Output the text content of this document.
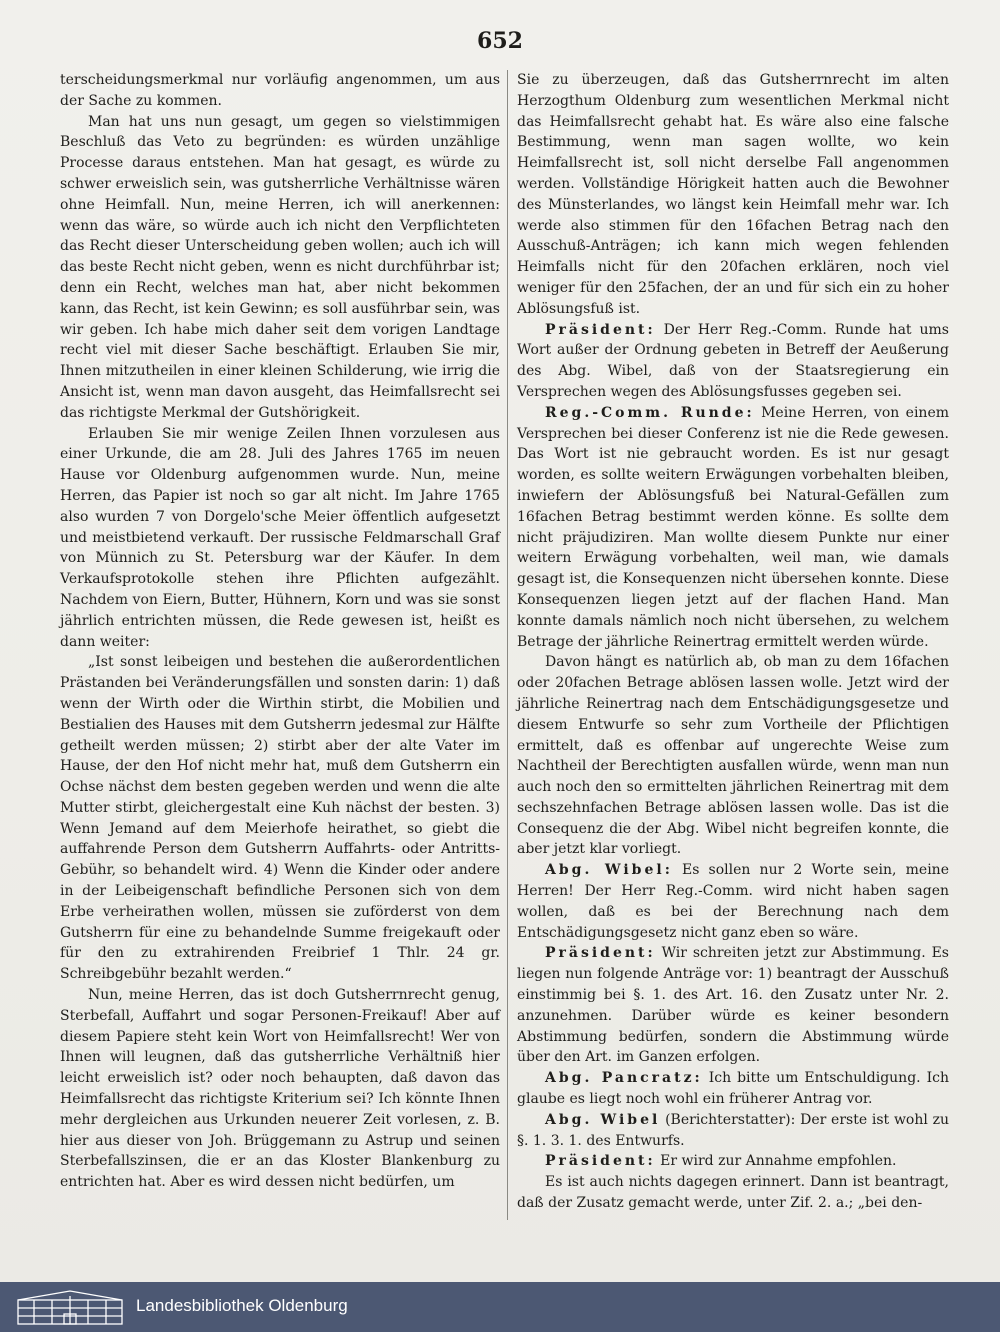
652

terscheidungsmerkmal nur vorläufig angenommen, um aus der Sache zu kommen.

Man hat uns nun gesagt, um gegen so vielstimmigen Beschluß das Veto zu begründen: es würden unzählige Processe daraus entstehen. Man hat gesagt, es würde zu schwer erweislich sein, was gutsherrliche Verhältnisse wären ohne Heimfall. Nun, meine Herren, ich will anerkennen: wenn das wäre, so würde auch ich nicht den Verpflichteten das Recht dieser Unterscheidung geben wollen; auch ich will das beste Recht nicht geben, wenn es nicht durchführbar ist; denn ein Recht, welches man hat, aber nicht bekommen kann, das Recht, ist kein Gewinn; es soll ausführbar sein, was wir geben. Ich habe mich daher seit dem vorigen Landtage recht viel mit dieser Sache beschäftigt. Erlauben Sie mir, Ihnen mitzutheilen in einer kleinen Schilderung, wie irrig die Ansicht ist, wenn man davon ausgeht, das Heimfallsrecht sei das richtigste Merkmal der Gutshörigkeit.

Erlauben Sie mir wenige Zeilen Ihnen vorzulesen aus einer Urkunde, die am 28. Juli des Jahres 1765 im neuen Hause vor Oldenburg aufgenommen wurde. Nun, meine Herren, das Papier ist noch so gar alt nicht. Im Jahre 1765 also wurden 7 von Dorgelo'sche Meier öffentlich aufgesetzt und meistbietend verkauft. Der russische Feldmarschall Graf von Münnich zu St. Petersburg war der Käufer. In dem Verkaufsprotokolle stehen ihre Pflichten aufgezählt. Nachdem von Eiern, Butter, Hühnern, Korn und was sie sonst jährlich entrichten müssen, die Rede gewesen ist, heißt es dann weiter:

„Ist sonst leibeigen und bestehen die außerordentlichen Prästanden bei Veränderungsfällen und sonsten darin: 1) daß wenn der Wirth oder die Wirthin stirbt, die Mobilien und Bestialien des Hauses mit dem Gutsherrn jedesmal zur Hälfte getheilt werden müssen; 2) stirbt aber der alte Vater im Hause, der den Hof nicht mehr hat, muß dem Gutsherrn ein Ochse nächst dem besten gegeben werden und wenn die alte Mutter stirbt, gleichergestalt eine Kuh nächst der besten. 3) Wenn Jemand auf dem Meierhofe heirathet, so giebt die auffahrende Person dem Gutsherrn Auffahrts- oder Antritts-Gebühr, so behandelt wird. 4) Wenn die Kinder oder andere in der Leibeigenschaft befindliche Personen sich von dem Erbe verheirathen wollen, müssen sie zuförderst von dem Gutsherrn für eine zu behandelnde Summe freigekauft oder für den zu extrahirenden Freibrief 1 Thlr. 24 gr. Schreibgebühr bezahlt werden.“

Nun, meine Herren, das ist doch Gutsherrnrecht genug, Sterbefall, Auffahrt und sogar Personen-Freikauf! Aber auf diesem Papiere steht kein Wort von Heimfallsrecht! Wer von Ihnen will leugnen, daß das gutsherrliche Verhältniß hier leicht erweislich ist? oder noch behaupten, daß davon das Heimfallsrecht das richtigste Kriterium sei? Ich könnte Ihnen mehr dergleichen aus Urkunden neuerer Zeit vorlesen, z. B. hier aus dieser von Joh. Brüggemann zu Astrup und seinen Sterbefallszinsen, die er an das Kloster Blankenburg zu entrichten hat. Aber es wird dessen nicht bedürfen, um

Sie zu überzeugen, daß das Gutsherrnrecht im alten Herzogthum Oldenburg zum wesentlichen Merkmal nicht das Heimfallsrecht gehabt hat. Es wäre also eine falsche Bestimmung, wenn man sagen wollte, wo kein Heimfallsrecht ist, soll nicht derselbe Fall angenommen werden. Vollständige Hörigkeit hatten auch die Bewohner des Münsterlandes, wo längst kein Heimfall mehr war. Ich werde also stimmen für den 16fachen Betrag nach den Ausschuß-Anträgen; ich kann mich wegen fehlenden Heimfalls nicht für den 20fachen erklären, noch viel weniger für den 25fachen, der an und für sich ein zu hoher Ablösungsfuß ist.

Präsident: Der Herr Reg.-Comm. Runde hat ums Wort außer der Ordnung gebeten in Betreff der Aeußerung des Abg. Wibel, daß von der Staatsregierung ein Versprechen wegen des Ablösungsfusses gegeben sei.

Reg.-Comm. Runde: Meine Herren, von einem Versprechen bei dieser Conferenz ist nie die Rede gewesen. Das Wort ist nie gebraucht worden. Es ist nur gesagt worden, es sollte weitern Erwägungen vorbehalten bleiben, inwiefern der Ablösungsfuß bei Natural-Gefällen zum 16fachen Betrag bestimmt werden könne. Es sollte dem nicht präjudiziren. Man wollte diesem Punkte nur einer weitern Erwägung vorbehalten, weil man, wie damals gesagt ist, die Konsequenzen nicht übersehen konnte. Diese Konsequenzen liegen jetzt auf der flachen Hand. Man konnte damals nämlich noch nicht übersehen, zu welchem Betrage der jährliche Reinertrag ermittelt werden würde.

Davon hängt es natürlich ab, ob man zu dem 16fachen oder 20fachen Betrage ablösen lassen wolle. Jetzt wird der jährliche Reinertrag nach dem Entschädigungsgesetze und diesem Entwurfe so sehr zum Vortheile der Pflichtigen ermittelt, daß es offenbar auf ungerechte Weise zum Nachtheil der Berechtigten ausfallen würde, wenn man nun auch noch den so ermittelten jährlichen Reinertrag mit dem sechszehnfachen Betrage ablösen lassen wolle. Das ist die Consequenz die der Abg. Wibel nicht begreifen konnte, die aber jetzt klar vorliegt.

Abg. Wibel: Es sollen nur 2 Worte sein, meine Herren! Der Herr Reg.-Comm. wird nicht haben sagen wollen, daß es bei der Berechnung nach dem Entschädigungsgesetz nicht ganz eben so wäre.

Präsident: Wir schreiten jetzt zur Abstimmung. Es liegen nun folgende Anträge vor: 1) beantragt der Ausschuß einstimmig bei §. 1. des Art. 16. den Zusatz unter Nr. 2. anzunehmen. Darüber würde es keiner besondern Abstimmung bedürfen, sondern die Abstimmung würde über den Art. im Ganzen erfolgen.

Abg. Pancratz: Ich bitte um Entschuldigung. Ich glaube es liegt noch wohl ein früherer Antrag vor.

Abg. Wibel (Berichterstatter): Der erste ist wohl zu §. 1. 3. 1. des Entwurfs.

Präsident: Er wird zur Annahme empfohlen.

Es ist auch nichts dagegen erinnert. Dann ist beantragt, daß der Zusatz gemacht werde, unter Zif. 2. a.; „bei den-

Landesbibliothek Oldenburg
